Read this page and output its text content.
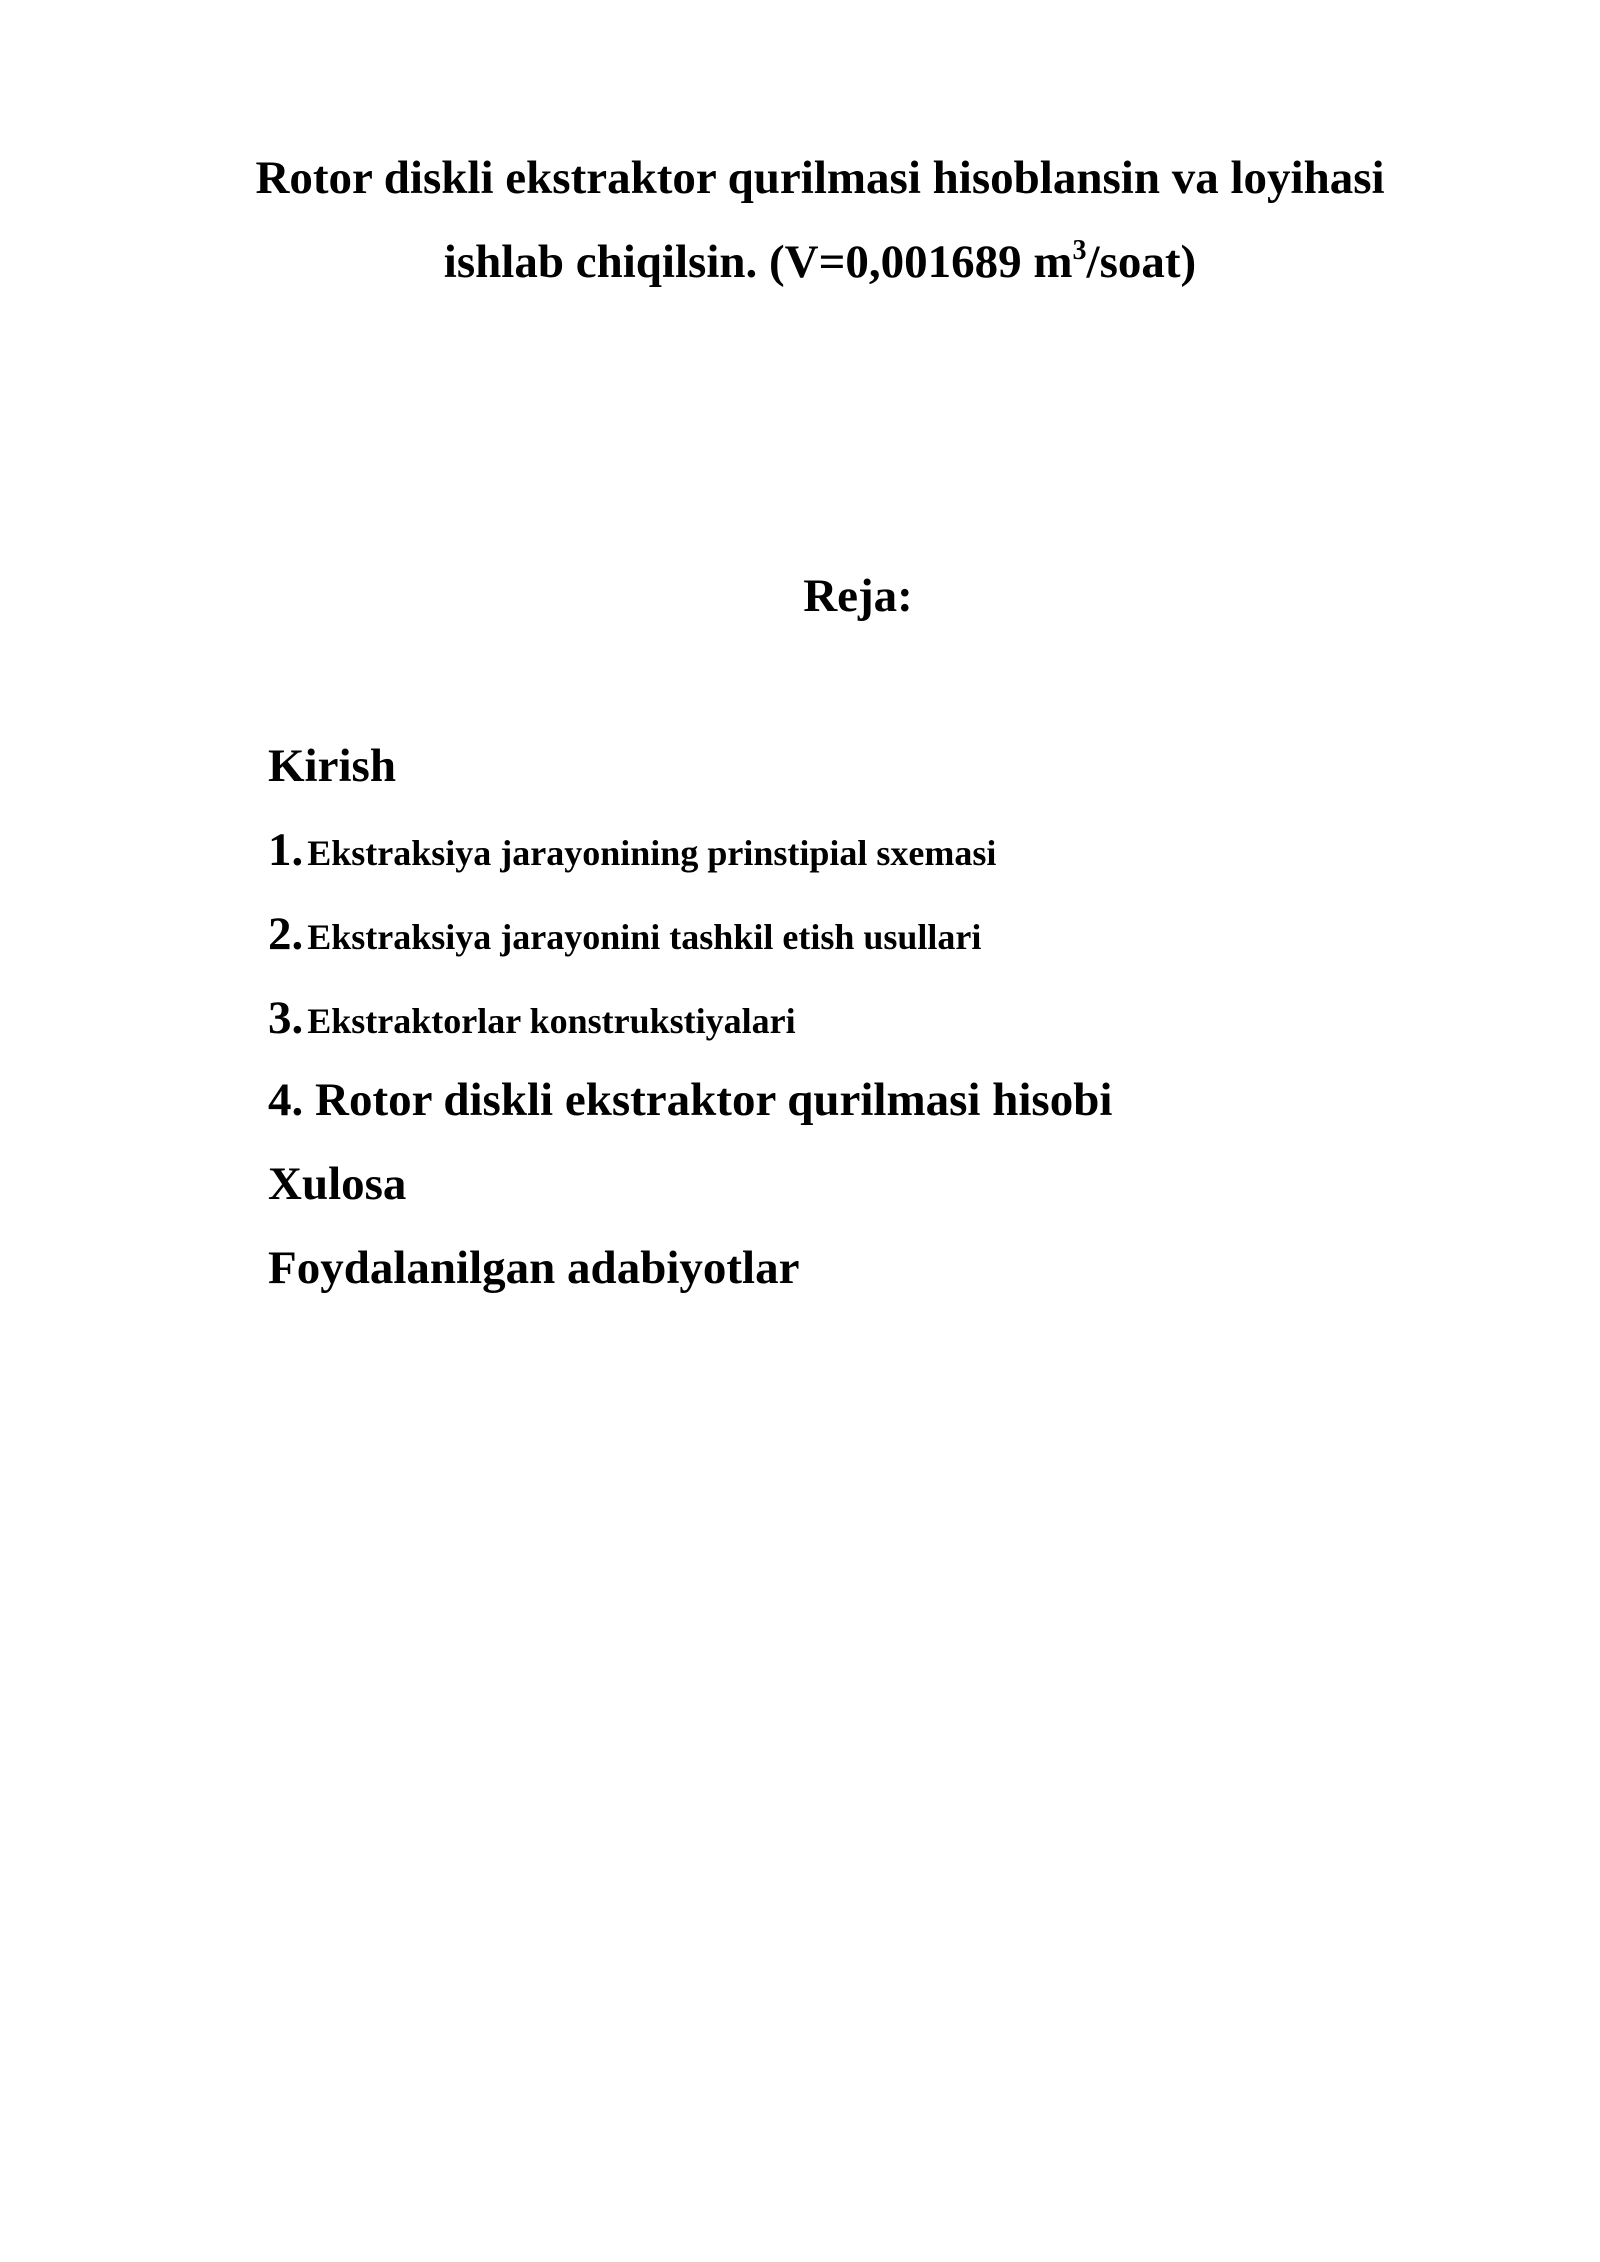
Rotor diskli ekstraktor qurilmasi hisoblansin va loyihasi
ishlab chiqilsin. (V=0,001689 $m^3/soat$)
Reja:
Kirish
1. Ekstraksiya jarayonining prinstipial sxemasi
2. Ekstraksiya jarayonini tashkil etish usullari
3. Ekstraktorlar konstrukstiyalari
4. Rotor diskli ekstraktor qurilmasi hisobi
Xulosa
Foydalanilgan adabiyotlar
